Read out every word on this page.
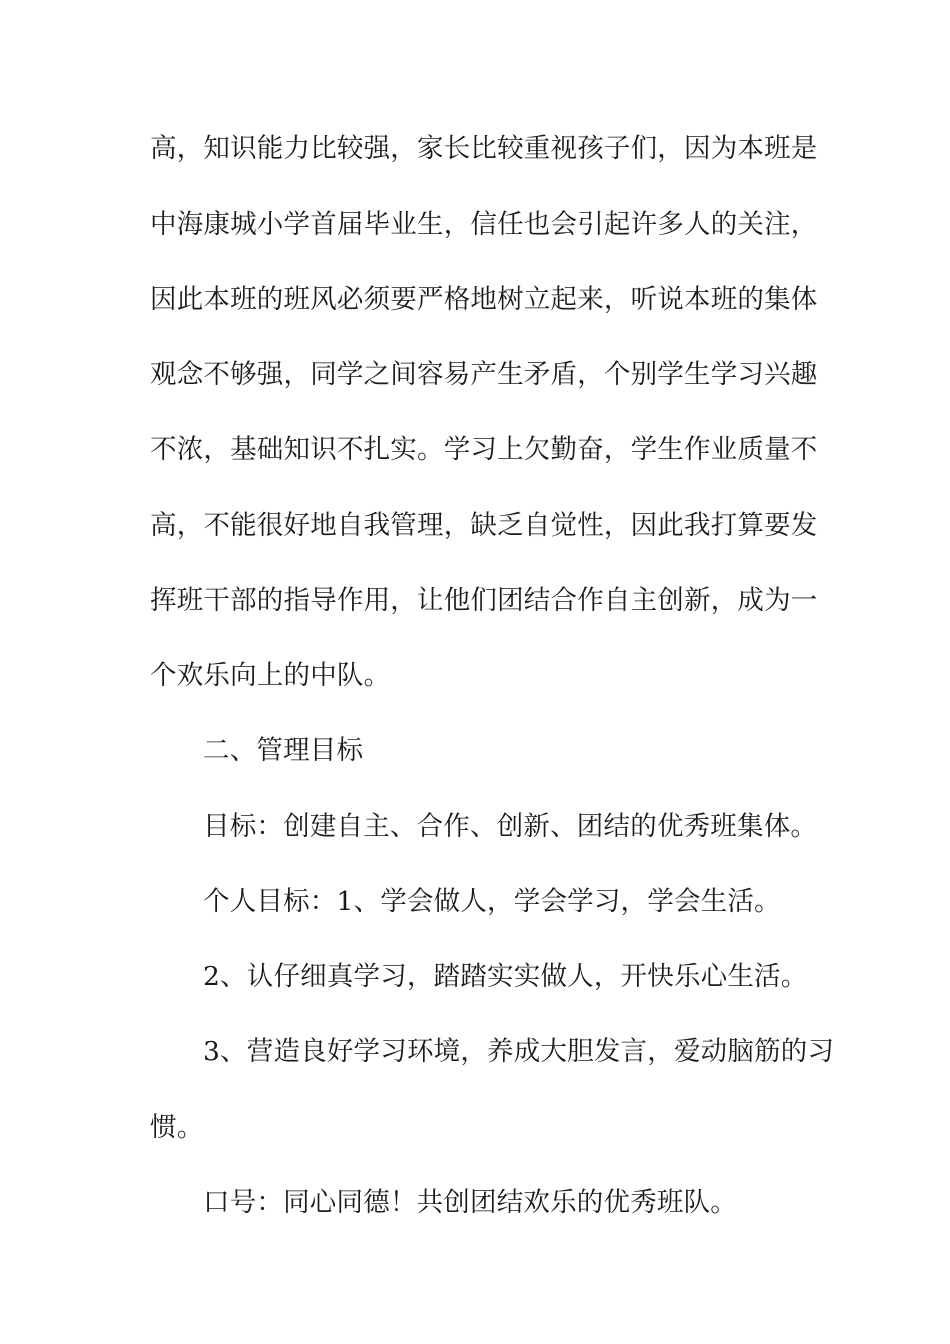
高，知识能力比较强，家长比较重视孩子们，因为本班是
中海康城小学首届毕业生，信任也会引起许多人的关注，
因此本班的班风必须要严格地树立起来，听说本班的集体
观念不够强，同学之间容易产生矛盾，个别学生学习兴趣
不浓，基础知识不扎实。学习上欠勤奋，学生作业质量不
高，不能很好地自我管理，缺乏自觉性，因此我打算要发
挥班干部的指导作用，让他们团结合作自主创新，成为一
个欢乐向上的中队。
二、管理目标
目标：创建自主、合作、创新、团结的优秀班集体。
个人目标：1、学会做人，学会学习，学会生活。
2、认仔细真学习，踏踏实实做人，开快乐心生活。
3、营造良好学习环境，养成大胆发言，爱动脑筋的习
惯。
口号：同心同德！共创团结欢乐的优秀班队。
